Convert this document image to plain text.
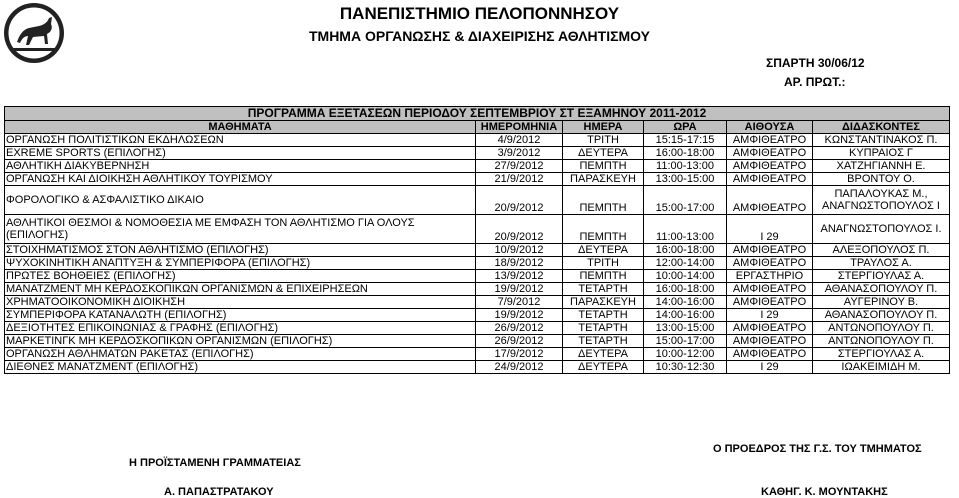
ΠΑΝΕΠΙΣΤΗΜΙΟ ΠΕΛΟΠΟΝΝΗΣΟΥ
ΤΜΗΜΑ ΟΡΓΑΝΩΣΗΣ & ΔΙΑΧΕΙΡΙΣΗΣ ΑΘΛΗΤΙΣΜΟΥ
ΣΠΑΡΤΗ 30/06/12
ΑΡ. ΠΡΩΤ.:
ΠΡΟΓΡΑΜΜΑ ΕΞΕΤΑΣΕΩΝ ΠΕΡΙΟΔΟΥ ΣΕΠΤΕΜΒΡΙΟΥ ΣΤ ΕΞΑΜΗΝΟΥ 2011-2012					
ΜΑΘΗΜΑΤΑ	ΗΜΕΡΟΜΗΝΙΑ	ΗΜΕΡΑ	ΩΡΑ	ΑΙΘΟΥΣΑ	ΔΙΔΑΣΚΟΝΤΕΣ
ΟΡΓΑΝΩΣΗ ΠΟΛΙΤΙΣΤΙΚΩΝ ΕΚΔΗΛΩΣΕΩΝ	4/9/2012	ΤΡΙΤΗ	15:15-17:15	ΑΜΦΙΘΕΑΤΡΟ	ΚΩΝΣΤΑΝΤΙΝΑΚΟΣ Π.
EXREME SPORTS (ΕΠΙΛΟΓΗΣ)	3/9/2012	ΔΕΥΤΕΡΑ	16:00-18:00	ΑΜΦΙΘΕΑΤΡΟ	ΚΥΠΡΑΙΟΣ Γ
ΑΘΛΗΤΙΚΗ ΔΙΑΚΥΒΕΡΝΗΣΗ	27/9/2012	ΠΕΜΠΤΗ	11:00-13:00	ΑΜΦΙΘΕΑΤΡΟ	ΧΑΤΖΗΓΙΑΝΝΗ Ε.
ΟΡΓΑΝΩΣΗ ΚΑΙ ΔΙΟΙΚΗΣΗ ΑΘΛΗΤΙΚΟΥ ΤΟΥΡΙΣΜΟΥ	21/9/2012	ΠΑΡΑΣΚΕΥΗ	13:00-15:00	ΑΜΦΙΘΕΑΤΡΟ	ΒΡΟΝΤΟΥ Ο.
ΦΟΡΟΛΟΓΙΚΟ & ΑΣΦΑΛΙΣΤΙΚΟ ΔΙΚΑΙΟ	20/9/2012	ΠΕΜΠΤΗ	15:00-17:00	ΑΜΦΙΘΕΑΤΡΟ	ΠΑΠΑΛΟΥΚΑΣ Μ., ΑΝΑΓΝΩΣΤΟΠΟΥΛΟΣ Ι
ΑΘΛΗΤΙΚΟΙ ΘΕΣΜΟΙ & ΝΟΜΟΘΕΣΙΑ ΜΕ ΕΜΦΑΣΗ ΤΟΝ ΑΘΛΗΤΙΣΜΟ ΓΙΑ ΟΛΟΥΣ (ΕΠΙΛΟΓΗΣ)	20/9/2012	ΠΕΜΠΤΗ	11:00-13:00	Ι 29	ΑΝΑΓΝΩΣΤΟΠΟΥΛΟΣ Ι.
ΣΤΟΙΧΗΜΑΤΙΣΜΟΣ ΣΤΟΝ ΑΘΛΗΤΙΣΜΟ (ΕΠΙΛΟΓΗΣ)	10/9/2012	ΔΕΥΤΕΡΑ	16:00-18:00	ΑΜΦΙΘΕΑΤΡΟ	ΑΛΕΞΟΠΟΥΛΟΣ Π.
ΨΥΧΟΚΙΝΗΤΙΚΗ ΑΝΑΠΤΥΞΗ & ΣΥΜΠΕΡΙΦΟΡΑ (ΕΠΙΛΟΓΗΣ)	18/9/2012	ΤΡΙΤΗ	12:00-14:00	ΑΜΦΙΘΕΑΤΡΟ	ΤΡΑΥΛΟΣ Α.
ΠΡΩΤΕΣ ΒΟΗΘΕΙΕΣ (ΕΠΙΛΟΓΗΣ)	13/9/2012	ΠΕΜΠΤΗ	10:00-14:00	ΕΡΓΑΣΤΗΡΙΟ	ΣΤΕΡΓΙΟΥΛΑΣ Α.
ΜΑΝΑΤΖΜΕΝΤ ΜΗ ΚΕΡΔΟΣΚΟΠΙΚΩΝ ΟΡΓΑΝΙΣΜΩΝ & ΕΠΙΧΕΙΡΗΣΕΩΝ	19/9/2012	ΤΕΤΑΡΤΗ	16:00-18:00	ΑΜΦΙΘΕΑΤΡΟ	ΑΘΑΝΑΣΟΠΟΥΛΟΥ Π.
ΧΡΗΜΑΤΟΟΙΚΟΝΟΜΙΚΗ ΔΙΟΙΚΗΣΗ	7/9/2012	ΠΑΡΑΣΚΕΥΗ	14:00-16:00	ΑΜΦΙΘΕΑΤΡΟ	ΑΥΓΕΡΙΝΟΥ Β.
ΣΥΜΠΕΡΙΦΟΡΑ ΚΑΤΑΝΑΛΩΤΗ (ΕΠΙΛΟΓΗΣ)	19/9/2012	ΤΕΤΑΡΤΗ	14:00-16:00	Ι 29	ΑΘΑΝΑΣΟΠΟΥΛΟΥ Π.
ΔΕΞΙΟΤΗΤΕΣ ΕΠΙΚΟΙΝΩΝΙΑΣ & ΓΡΑΦΗΣ (ΕΠΙΛΟΓΗΣ)	26/9/2012	ΤΕΤΑΡΤΗ	13:00-15:00	ΑΜΦΙΘΕΑΤΡΟ	ΑΝΤΩΝΟΠΟΥΛΟΥ Π.
ΜΑΡΚΕΤΙΝΓΚ ΜΗ ΚΕΡΔΟΣΚΟΠΙΚΩΝ ΟΡΓΑΝΙΣΜΩΝ (ΕΠΙΛΟΓΗΣ)	26/9/2012	ΤΕΤΑΡΤΗ	15:00-17:00	ΑΜΦΙΘΕΑΤΡΟ	ΑΝΤΩΝΟΠΟΥΛΟΥ Π.
ΟΡΓΑΝΩΣΗ ΑΘΛΗΜΑΤΩΝ ΡΑΚΕΤΑΣ (ΕΠΙΛΟΓΗΣ)	17/9/2012	ΔΕΥΤΕΡΑ	10:00-12:00	ΑΜΦΙΘΕΑΤΡΟ	ΣΤΕΡΓΙΟΥΛΑΣ Α.
ΔΙΕΘΝΕΣ ΜΑΝΑΤΖΜΕΝΤ (ΕΠΙΛΟΓΗΣ)	24/9/2012	ΔΕΥΤΕΡΑ	10:30-12:30	Ι 29	ΙΩΑΚΕΙΜΙΔΗ Μ.
Ο ΠΡΟΕΔΡΟΣ ΤΗΣ Γ.Σ. ΤΟΥ ΤΜΗΜΑΤΟΣ
Η ΠΡΟΪΣΤΑΜΕΝΗ ΓΡΑΜΜΑΤΕΙΑΣ
Α. ΠΑΠΑΣΤΡΑΤΑΚΟΥ	ΚΑΘΗΓ. Κ. ΜΟΥΝΤΑΚΗΣ
